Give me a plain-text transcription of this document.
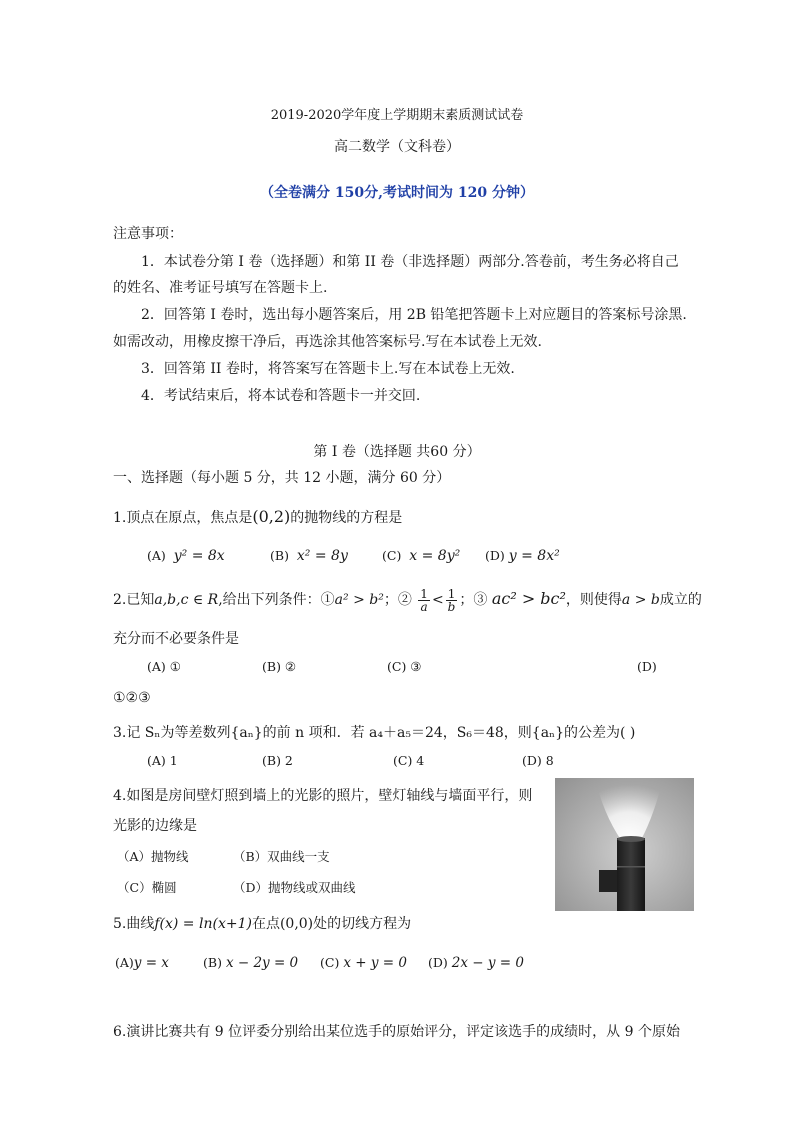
2019-2020学年度上学期期末素质测试试卷
高二数学（文科卷）
（全卷满分 150分,考试时间为 120 分钟）
注意事项：
1．本试卷分第 I 卷（选择题）和第 II 卷（非选择题）两部分.答卷前，考生务必将自己
的姓名、准考证号填写在答题卡上.
2．回答第 I 卷时，选出每小题答案后，用 2B 铅笔把答题卡上对应题目的答案标号涂黑.
如需改动，用橡皮擦干净后，再选涂其他答案标号.写在本试卷上无效.
3．回答第 II 卷时，将答案写在答题卡上.写在本试卷上无效.
4．考试结束后，将本试卷和答题卡一并交回.
第 I 卷（选择题 共60 分）
一、选择题（每小题 5 分，共 12 小题，满分 60 分）
1.顶点在原点，焦点是(0,2)的抛物线的方程是
(A) y² = 8x	(B) x² = 8y	(C) x = 8y² (D) y = 8x²
2.已知a,b,c ∈ R,给出下列条件：①a² > b²；② $\frac{1}{a} < \frac{1}{b}$ ；③ ac² > bc²，则使得a > b成立的
充分而不必要条件是
(A) ①	(B) ②	(C) ③	(D)
①②③
3.记 Sₙ为等差数列{aₙ}的前 n 项和．若 a₄＋a₅＝24，S₆＝48，则{aₙ}的公差为( )
(A) 1	(B) 2	(C) 4	(D) 8
4.如图是房间壁灯照到墙上的光影的照片，壁灯轴线与墙面平行，则
光影的边缘是
（A）抛物线	（B）双曲线一支
（C）椭圆	（D）抛物线或双曲线
5.曲线f(x) = ln(x+1)在点(0,0)处的切线方程为
(A)y = x	(B) x − 2y = 0 (C) x + y = 0 (D) 2x − y = 0
6.演讲比赛共有 9 位评委分别给出某位选手的原始评分，评定该选手的成绩时，从 9 个原始
